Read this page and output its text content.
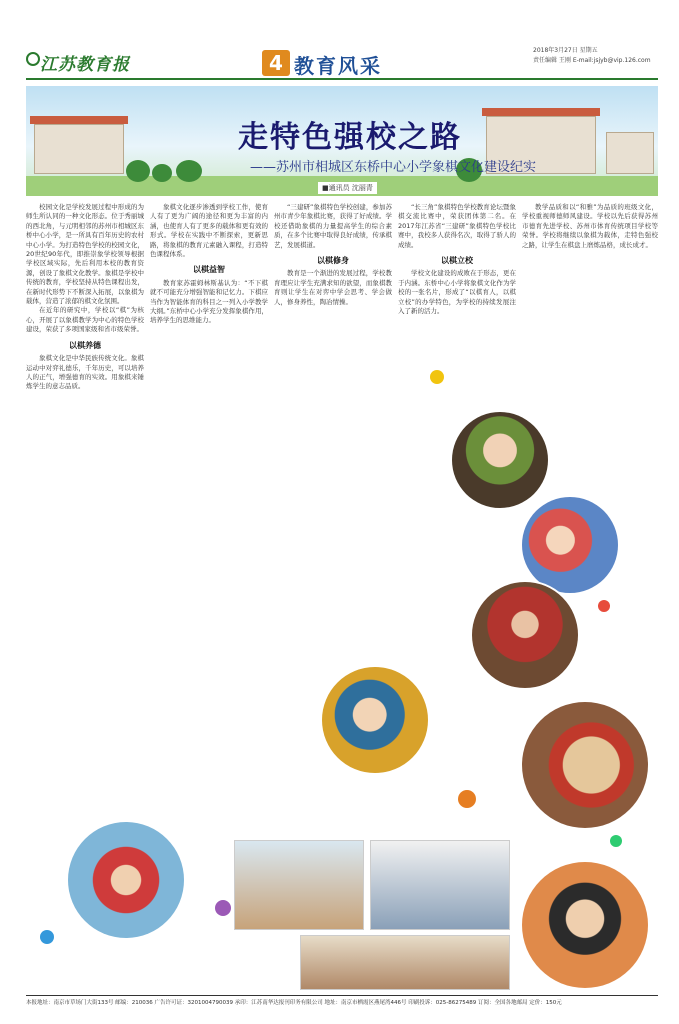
江苏教育报	4 教育风采
2018年3月27日 星期五
责任编辑 王刚 E-mail:jsjyb@vip.126.com
走特色强校之路
——苏州市相城区东桥中心小学象棋文化建设纪实
■通讯员 沈丽青

校园文化是学校发展过程中形成的为师生所认同的一种文化形态。位于秀丽城的西北角，与元明相邻的苏州市相城区东桥中心小学，是一所具有百年历史的农村中心小学。为打造特色学校的校园文化，20世纪90年代，即推崇象学校领导根据学校区域实际，先后利用本校的教育资源，创设了象棋文化教学。象棋是学校中传统的教育，学校坚持从特色课程出发，在新时代形势下不断深入拓展，以象棋为载体，营造了浓郁的棋文化氛围。

在近年的研究中，学校以“棋”为核心，开展了以象棋教学为中心的特色学校建设，荣获了多项国家级和省市级荣誉。

以棋养德

象棋文化是中华民族传统文化。象棋运动中对弈礼德乐，千年历史，可以培养人的正气，增强德育的实效。用象棋来锤炼学生的意志品质。

象棋文化逐步渗透到学校工作，使育人有了更为广阔的途径和更为丰富的内涵，也使育人有了更多的载体和更有效的形式。学校在实践中不断探索，更新思路，将象棋的教育元素融入课程，打造特色课程体系。

以棋益智

教育家苏霍姆林斯基认为：“不下棋就不可能充分增强智能和记忆力。下棋应当作为智能体育的科目之一列入小学教学大纲。”东桥中心小学充分发挥象棋作用，培养学生的思维能力。

“三建研”象棋特色学校创建，参加苏州市青少年象棋比赛，获得了好成绩。学校还借助象棋的力量提高学生的综合素质，在多个比赛中取得良好成绩，传承棋艺，发展棋道。

以棋修身

教育是一个渐进的发展过程，学校教育理应让学生充满求知的欲望，而象棋教育则让学生在对弈中学会思考、学会做人，修身养性，陶冶情操。

“长三角”象棋特色学校教育论坛暨象棋交流比赛中，荣获团体第二名。在2017年江苏省“三建研”象棋特色学校比赛中，我校多人获得名次，取得了骄人的成绩。

以棋立校

学校文化建设的成败在于形态，更在于内涵。东桥中心小学将象棋文化作为学校的一张名片，形成了“以棋育人，以棋立校”的办学特色，为学校的持续发展注入了新的活力。

教学品质和以“和雅”为品质的班级文化，学校重视师德师风建设。学校以先后获得苏州市德育先进学校、苏州市体育传统项目学校等荣誉。学校将继续以象棋为载体，走特色强校之路，让学生在棋盘上磨炼品格，成长成才。

本报地址：南京市草场门大街133号 邮编：210036 广告许可证：3201004790039 承印：江苏南华达报刊印务有限公司 地址：南京市栖霞区燕尾湾446号 印刷投诉：025-86275489 订阅：全国各地邮局 定价：150元
